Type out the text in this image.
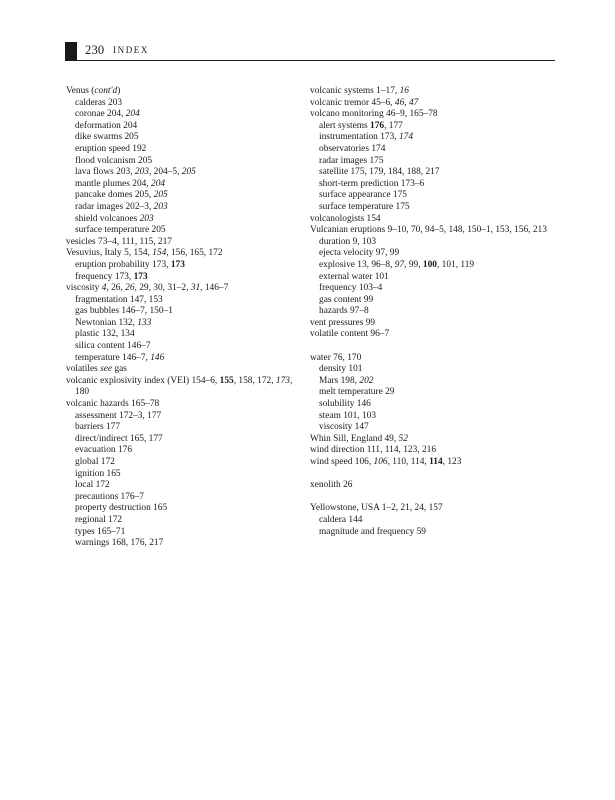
230 INDEX
Venus (cont'd)
calderas 203
coronae 204, 204
deformation 204
dike swarms 205
eruption speed 192
flood volcanism 205
lava flows 203, 203, 204–5, 205
mantle plumes 204, 204
pancake domes 205, 205
radar images 202–3, 203
shield volcanoes 203
surface temperature 205
vesicles 73–4, 111, 115, 217
Vesuvius, Italy 5, 154, 154, 156, 165, 172
eruption probability 173, 173
frequency 173, 173
viscosity 4, 26, 26, 29, 30, 31–2, 31, 146–7
fragmentation 147, 153
gas bubbles 146–7, 150–1
Newtonian 132, 133
plastic 132, 134
silica content 146–7
temperature 146–7, 146
volatiles see gas
volcanic explosivity index (VEI) 154–6, 155, 158, 172, 173, 180
volcanic hazards 165–78
assessment 172–3, 177
barriers 177
direct/indirect 165, 177
evacuation 176
global 172
ignition 165
local 172
precautions 176–7
property destruction 165
regional 172
types 165–71
warnings 168, 176, 217
volcanic systems 1–17, 16
volcanic tremor 45–6, 46, 47
volcano monitoring 46–9, 165–78
alert systems 176, 177
instrumentation 173, 174
observatories 174
radar images 175
satellite 175, 179, 184, 188, 217
short-term prediction 173–6
surface appearance 175
surface temperature 175
volcanologists 154
Vulcanian eruptions 9–10, 70, 94–5, 148, 150–1, 153, 156, 213
duration 9, 103
ejecta velocity 97, 99
explosive 13, 96–8, 97, 99, 100, 101, 119
external water 101
frequency 103–4
gas content 99
hazards 97–8
vent pressures 99
volatile content 96–7
water 76, 170
density 101
Mars 198, 202
melt temperature 29
solubility 146
steam 101, 103
viscosity 147
Whin Sill, England 49, 52
wind direction 111, 114, 123, 216
wind speed 106, 106, 110, 114, 114, 123
xenolith 26
Yellowstone, USA 1–2, 21, 24, 157
caldera 144
magnitude and frequency 59
